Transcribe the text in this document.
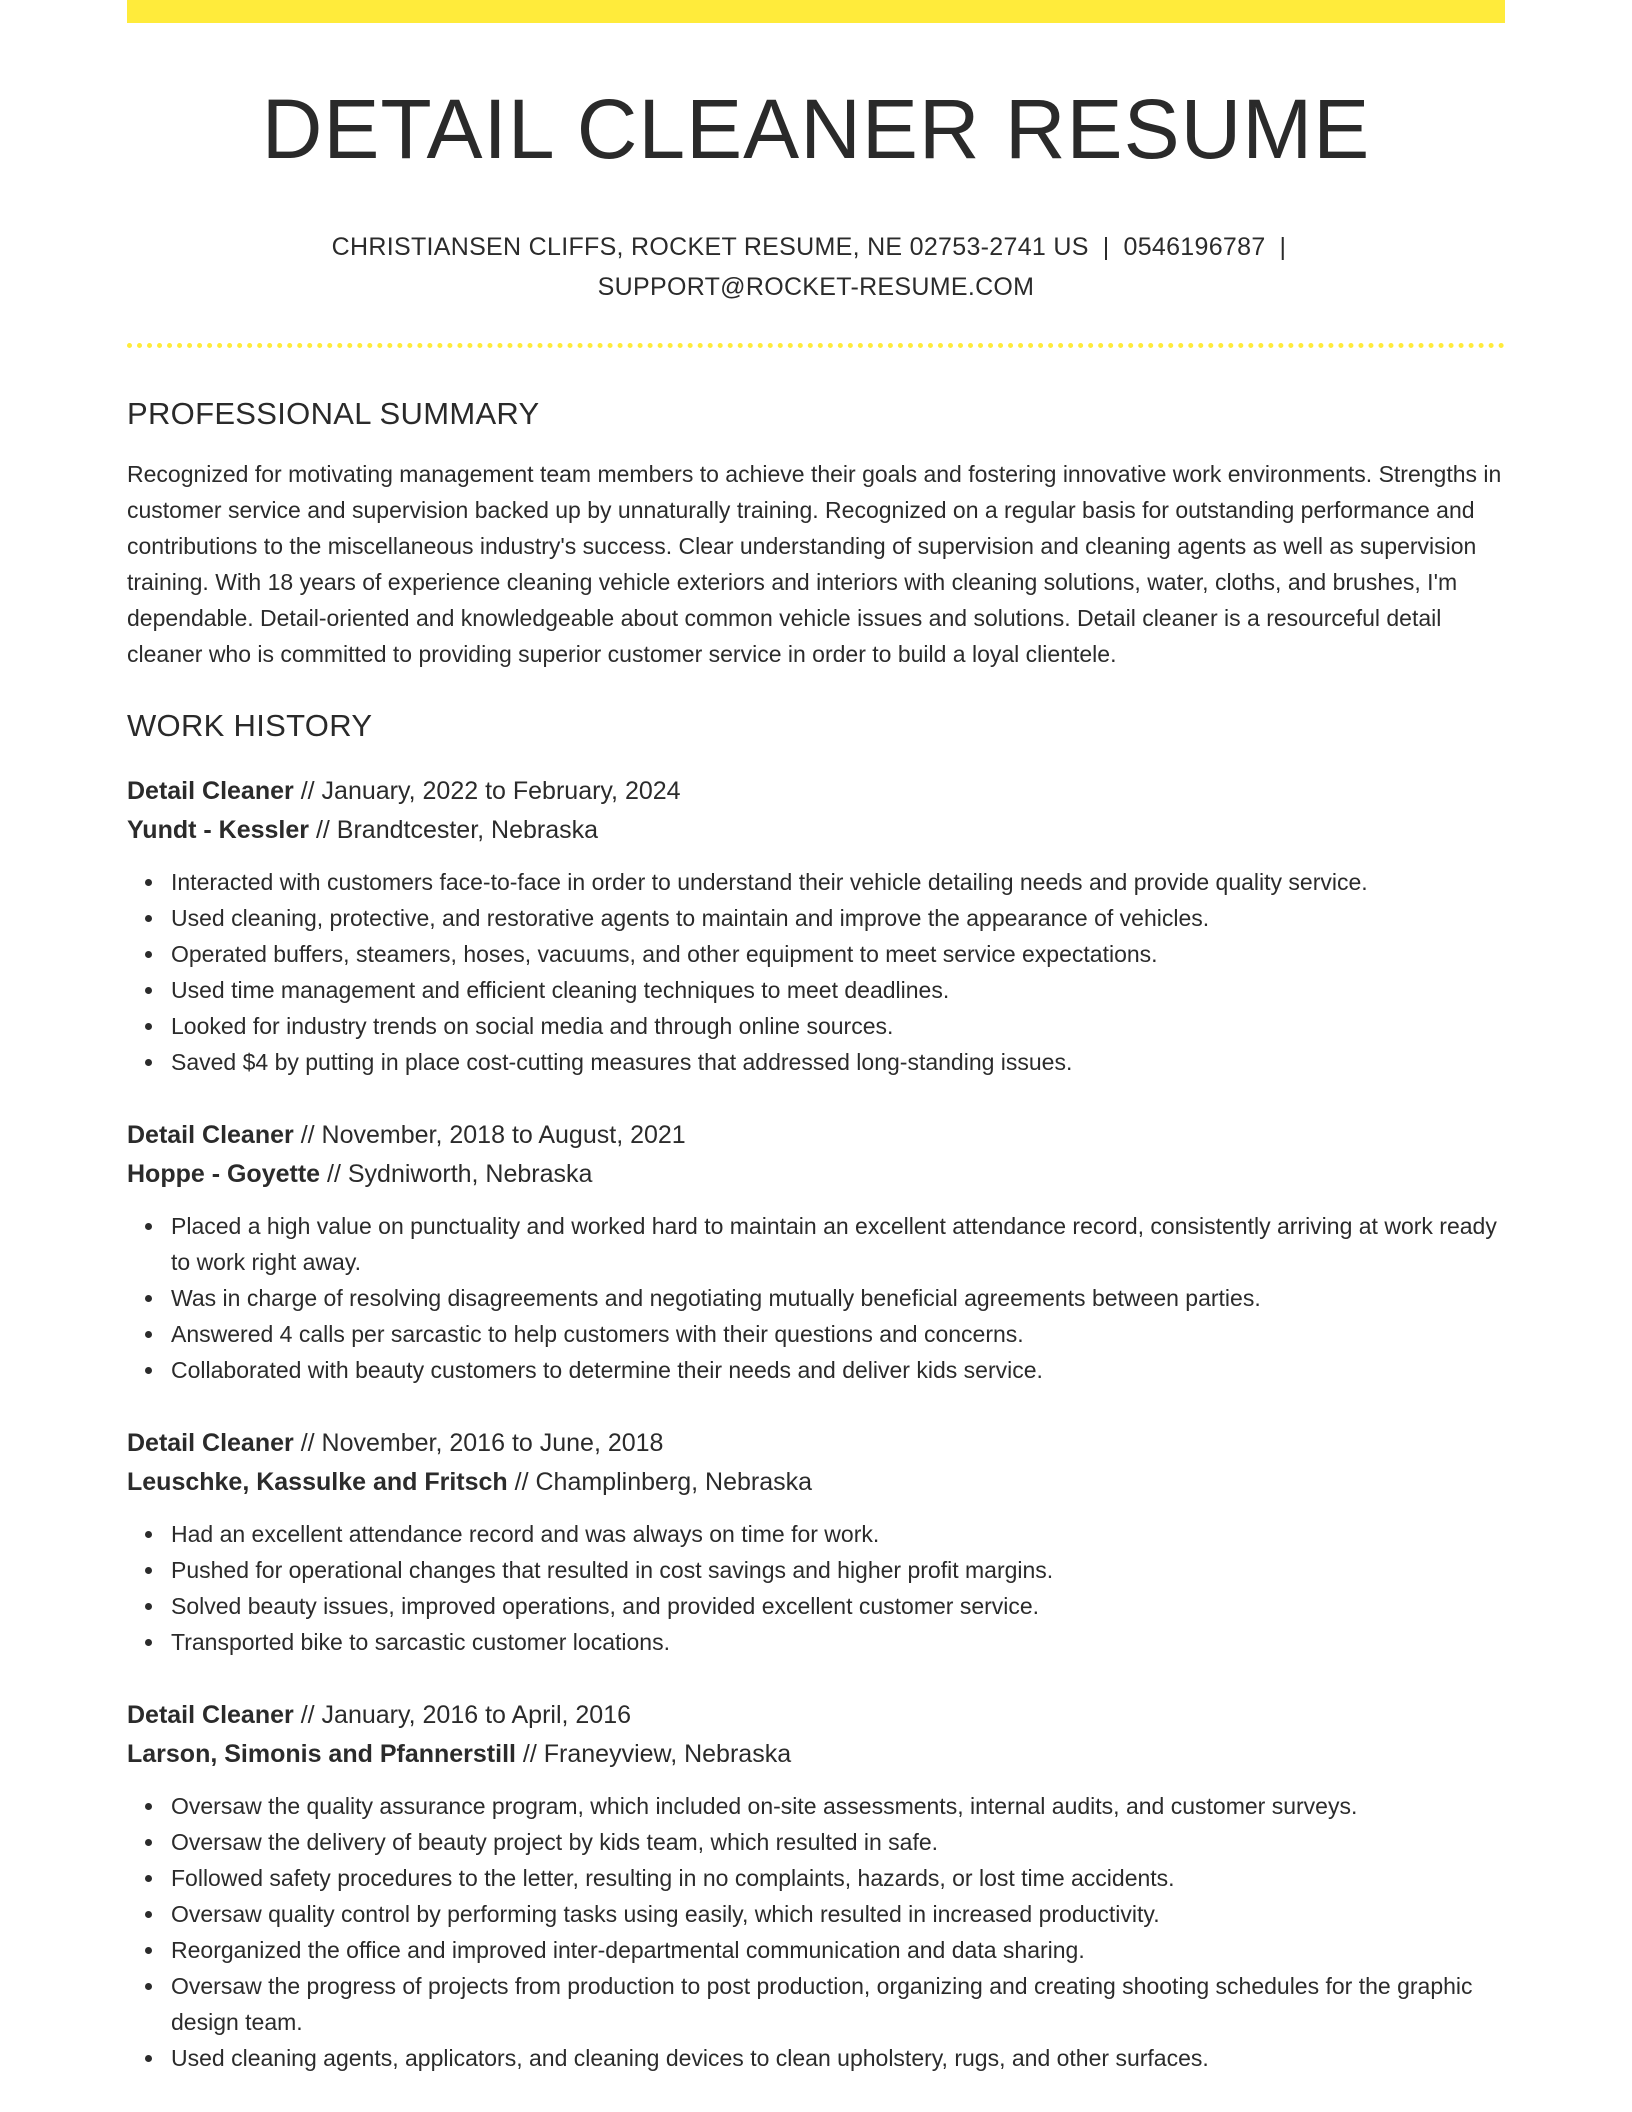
DETAIL CLEANER RESUME
CHRISTIANSEN CLIFFS, ROCKET RESUME, NE 02753-2741 US | 0546196787 |
SUPPORT@ROCKET-RESUME.COM
PROFESSIONAL SUMMARY

Recognized for motivating management team members to achieve their goals and fostering innovative work environments. Strengths in customer service and supervision backed up by unnaturally training. Recognized on a regular basis for outstanding performance and contributions to the miscellaneous industry's success. Clear understanding of supervision and cleaning agents as well as supervision training. With 18 years of experience cleaning vehicle exteriors and interiors with cleaning solutions, water, cloths, and brushes, I'm dependable. Detail-oriented and knowledgeable about common vehicle issues and solutions. Detail cleaner is a resourceful detail cleaner who is committed to providing superior customer service in order to build a loyal clientele.

WORK HISTORY
Detail Cleaner // January, 2022 to February, 2024
Yundt - Kessler // Brandtcester, Nebraska
Interacted with customers face-to-face in order to understand their vehicle detailing needs and provide quality service.
Used cleaning, protective, and restorative agents to maintain and improve the appearance of vehicles.
Operated buffers, steamers, hoses, vacuums, and other equipment to meet service expectations.
Used time management and efficient cleaning techniques to meet deadlines.
Looked for industry trends on social media and through online sources.
Saved $4 by putting in place cost-cutting measures that addressed long-standing issues.
Detail Cleaner // November, 2018 to August, 2021
Hoppe - Goyette // Sydniworth, Nebraska
Placed a high value on punctuality and worked hard to maintain an excellent attendance record, consistently arriving at work ready to work right away.
Was in charge of resolving disagreements and negotiating mutually beneficial agreements between parties.
Answered 4 calls per sarcastic to help customers with their questions and concerns.
Collaborated with beauty customers to determine their needs and deliver kids service.
Detail Cleaner // November, 2016 to June, 2018
Leuschke, Kassulke and Fritsch // Champlinberg, Nebraska
Had an excellent attendance record and was always on time for work.
Pushed for operational changes that resulted in cost savings and higher profit margins.
Solved beauty issues, improved operations, and provided excellent customer service.
Transported bike to sarcastic customer locations.
Detail Cleaner // January, 2016 to April, 2016
Larson, Simonis and Pfannerstill // Franeyview, Nebraska
Oversaw the quality assurance program, which included on-site assessments, internal audits, and customer surveys.
Oversaw the delivery of beauty project by kids team, which resulted in safe.
Followed safety procedures to the letter, resulting in no complaints, hazards, or lost time accidents.
Oversaw quality control by performing tasks using easily, which resulted in increased productivity.
Reorganized the office and improved inter-departmental communication and data sharing.
Oversaw the progress of projects from production to post production, organizing and creating shooting schedules for the graphic design team.
Used cleaning agents, applicators, and cleaning devices to clean upholstery, rugs, and other surfaces.
